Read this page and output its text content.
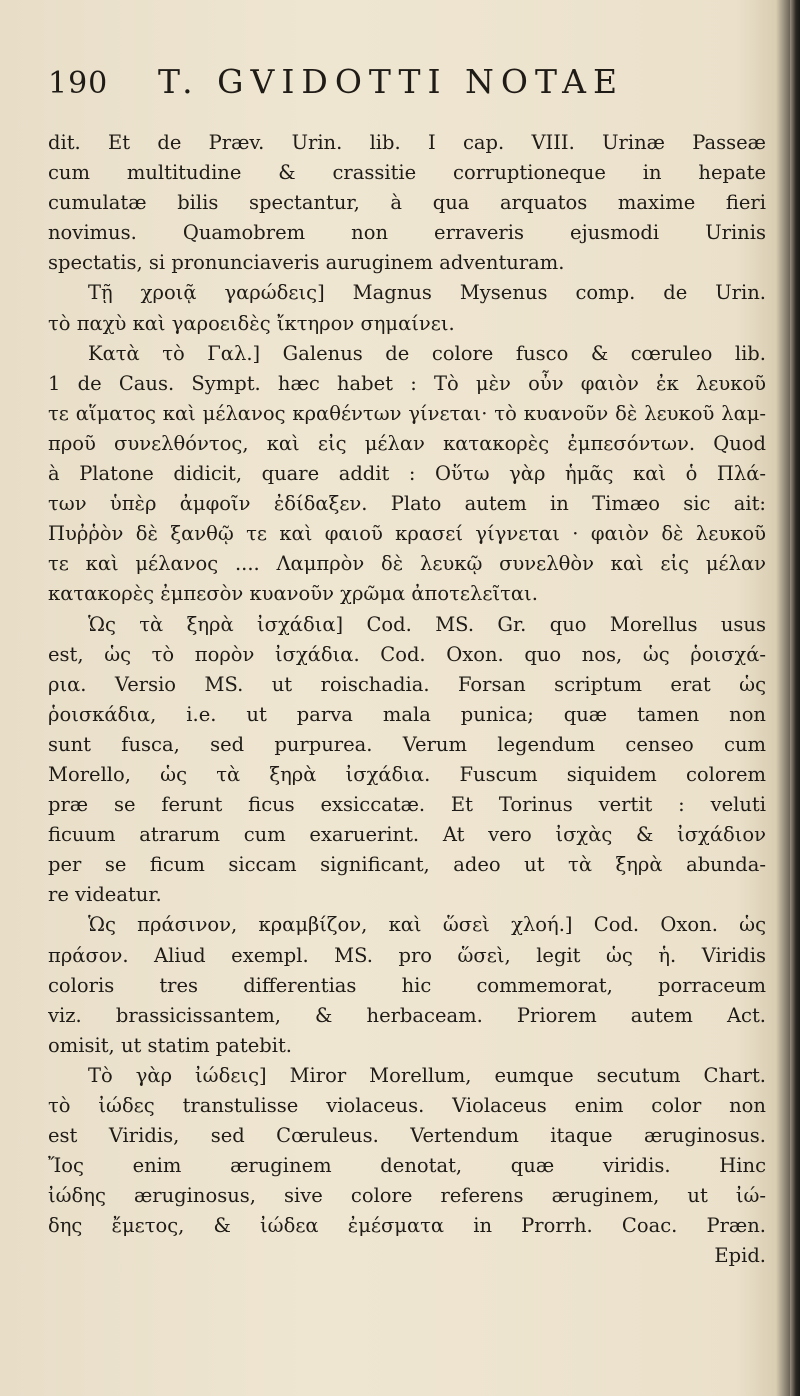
190	T. GVIDOTTI NOTAE
dit. Et de Præv. Urin. lib. I cap. VIII. Urinæ Passeæ
cum multitudine & crassitie corruptioneque in hepate
cumulatæ bilis spectantur, à qua arquatos maxime fieri
novimus. Quamobrem non erraveris ejusmodi Urinis
spectatis, si pronunciaveris auruginem adventuram.
Τῇ χροιᾷ γαρώδεις] Magnus Mysenus comp. de Urin.
τὸ παχὺ καὶ γαρoειδὲς ἴκτηρον σημαίνει.
Κατὰ τὸ Γαλ.] Galenus de colore fusco & cœruleo lib.
1 de Caus. Sympt. hæc habet : Τὸ μὲν οὖν φαιὸν ἐκ λευκοῦ
τε αἵματος καὶ μέλανος κραθέντων γίνεται· τὸ κυανοῦν δὲ λευκοῦ λαμ-
προῦ συνελθόντος, καὶ εἰς μέλαν κατακορὲς ἐμπεσόντων. Quod
à Platone didicit, quare addit : Οὕτω γὰρ ἡμᾶς καὶ ὁ Πλά-
των ὑπὲρ ἀμφοῖν ἐδίδαξεν. Plato autem in Timæo sic ait:
Πυῤῥὸν δὲ ξανθῷ τε καὶ φαιοῦ κρασεί γίγνεται · φαιὸν δὲ λευκοῦ
τε καὶ μέλανος .... Λαμπρὸν δὲ λευκῷ συνελθὸν καὶ εἰς μέλαν
κατακορὲς ἐμπεσὸν κυανοῦν χρῶμα ἀποτελεῖται.
Ὡς τὰ ξηρὰ ἰσχάδια] Cod. MS. Gr. quo Morellus usus
est, ὡς τὸ πορὸν ἰσχάδια. Cod. Oxon. quo nos, ὡς ῥοισχά-
ρια. Versio MS. ut roischadia. Forsan scriptum erat ὡς
ῥοισκάδια, i.e. ut parva mala punica; quæ tamen non
sunt fusca, sed purpurea. Verum legendum censeo cum
Morello, ὡς τὰ ξηρὰ ἰσχάδια. Fuscum siquidem colorem
præ se ferunt ficus exsiccatæ. Et Torinus vertit : veluti
ficuum atrarum cum exaruerint. At vero ἰσχὰς & ἰσχάδιον
per se ficum siccam significant, adeo ut τὰ ξηρὰ abunda-
re videatur.
Ὡς πράσινον, κραμβίζον, καὶ ὥσεὶ χλοή.] Cod. Oxon. ὡς
πράσον. Aliud exempl. MS. pro ὥσεὶ, legit ὡς ἡ. Viridis
coloris tres differentias hic commemorat, porraceum
viz. brassicissantem, & herbaceam. Priorem autem Act.
omisit, ut statim patebit.
Τὸ γὰρ ἰώδεις] Miror Morellum, eumque secutum Chart.
τὸ ἰώδες transtulisse violaceus. Violaceus enim color non
est Viridis, sed Cœruleus. Vertendum itaque æruginosus.
Ἴος enim æruginem denotat, quæ viridis. Hinc
ἰώδης æruginosus, sive colore referens æruginem, ut ἰώ-
δης ἔμετος, & ἰώδεα ἐμέσματα in Prorrh. Coac. Præn.
Epid.
